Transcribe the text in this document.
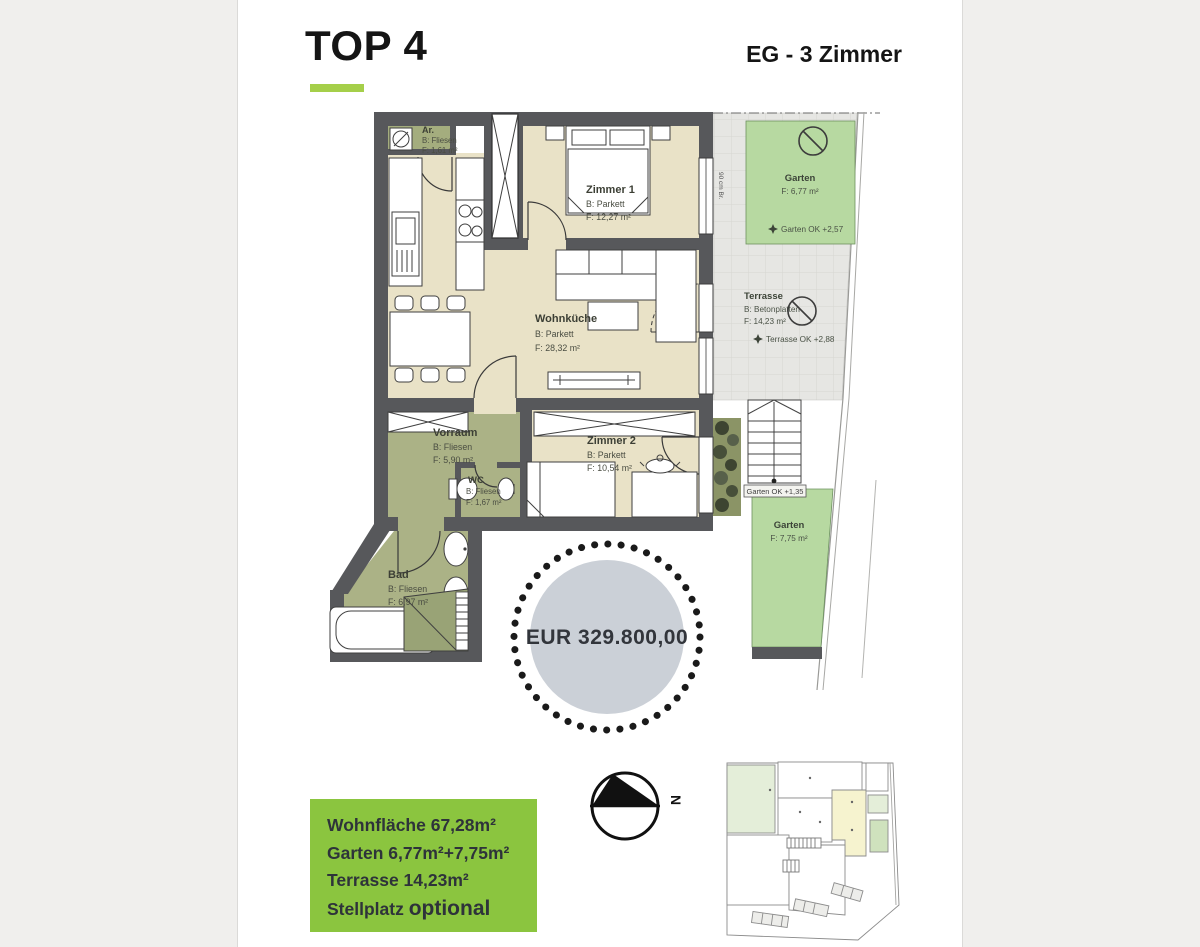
TOP 4	EG - 3 Zimmer
Garten OK +1,35
90 cm Br.
Ar.
B: Fliesen
F: 1,61 m²
Zimmer 1
B: Parkett
F: 12,27 m²
Wohnküche
B: Parkett
F: 28,32 m²
Vorraum
B: Fliesen
F: 5,90 m²
WC
B: Fliesen
F: 1,67 m²
Zimmer 2
B: Parkett
F: 10,54 m²
Bad
B: Fliesen
F: 6,97 m²
Garten
F: 6,77 m²
Garten OK +2,57
Terrasse
B: Betonplatten
F: 14,23 m²
Terrasse OK +2,88
Garten
F: 7,75 m²
EUR 329.800,00
N
Wohnfläche 67,28m²
Garten 6,77m²+7,75m²
Terrasse 14,23m²
Stellplatz optional
